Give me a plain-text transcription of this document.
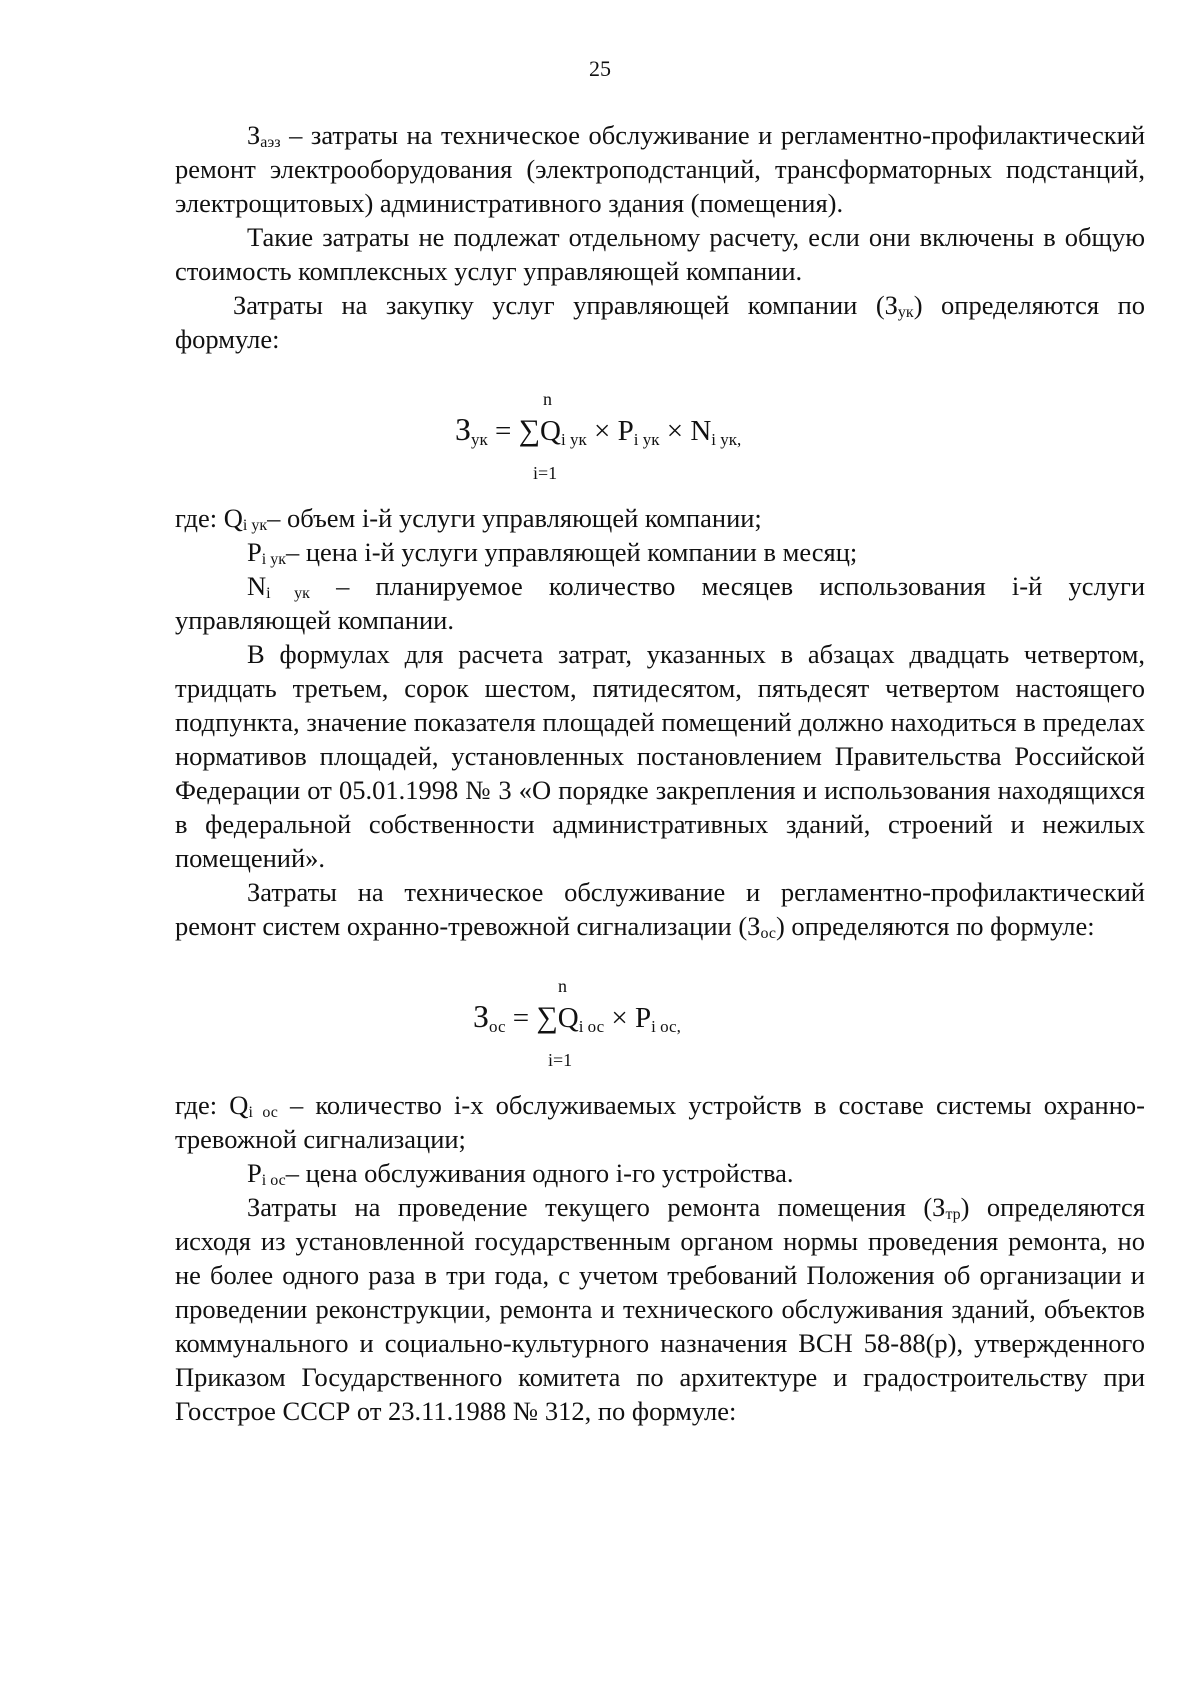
25

$З_{аэз}$ – затраты на техническое обслуживание и регламентно-профилактический ремонт электрооборудования (электроподстанций, трансформаторных подстанций, электрощитовых) административного здания (помещения).

Такие затраты не подлежат отдельному расчету, если они включены в общую стоимость комплексных услуг управляющей компании.

Затраты на закупку услуг управляющей компании $(З_{ук})$ определяются по формуле:

n
i=1
$З_{ук} = \sum Q_{i ук} \times P_{i ук} \times N_{i ук,}$

где: $Q_{i ук}-$ объем i-й услуги управляющей компании;

$P_{i ук}-$ цена i-й услуги управляющей компании в месяц;

$N_{i ук}$ – планируемое количество месяцев использования i-й услуги управляющей компании.

В формулах для расчета затрат, указанных в абзацах двадцать четвертом, тридцать третьем, сорок шестом, пятидесятом, пятьдесят четвертом настоящего подпункта, значение показателя площадей помещений должно находиться в пределах нормативов площадей, установленных постановлением Правительства Российской Федерации от 05.01.1998 № 3 «О порядке закрепления и использования находящихся в федеральной собственности административных зданий, строений и нежилых помещений».

Затраты на техническое обслуживание и регламентно-профилактический ремонт систем охранно-тревожной сигнализации $(З_{ос})$ определяются по формуле:

n
i=1
$З_{ос} = \sum Q_{i ос} \times P_{i ос,}$

где: $Q_{i ос}$ – количество i-х обслуживаемых устройств в составе системы охранно-тревожной сигнализации;

$P_{i ос}-$ цена обслуживания одного i-го устройства.

Затраты на проведение текущего ремонта помещения $(З_{тр})$ определяются исходя из установленной государственным органом нормы проведения ремонта, но не более одного раза в три года, с учетом требований Положения об организации и проведении реконструкции, ремонта и технического обслуживания зданий, объектов коммунального и социально-культурного назначения ВСН 58-88(р), утвержденного Приказом Государственного комитета по архитектуре и градостроительству при Госстрое СССР от 23.11.1988 № 312, по формуле:
